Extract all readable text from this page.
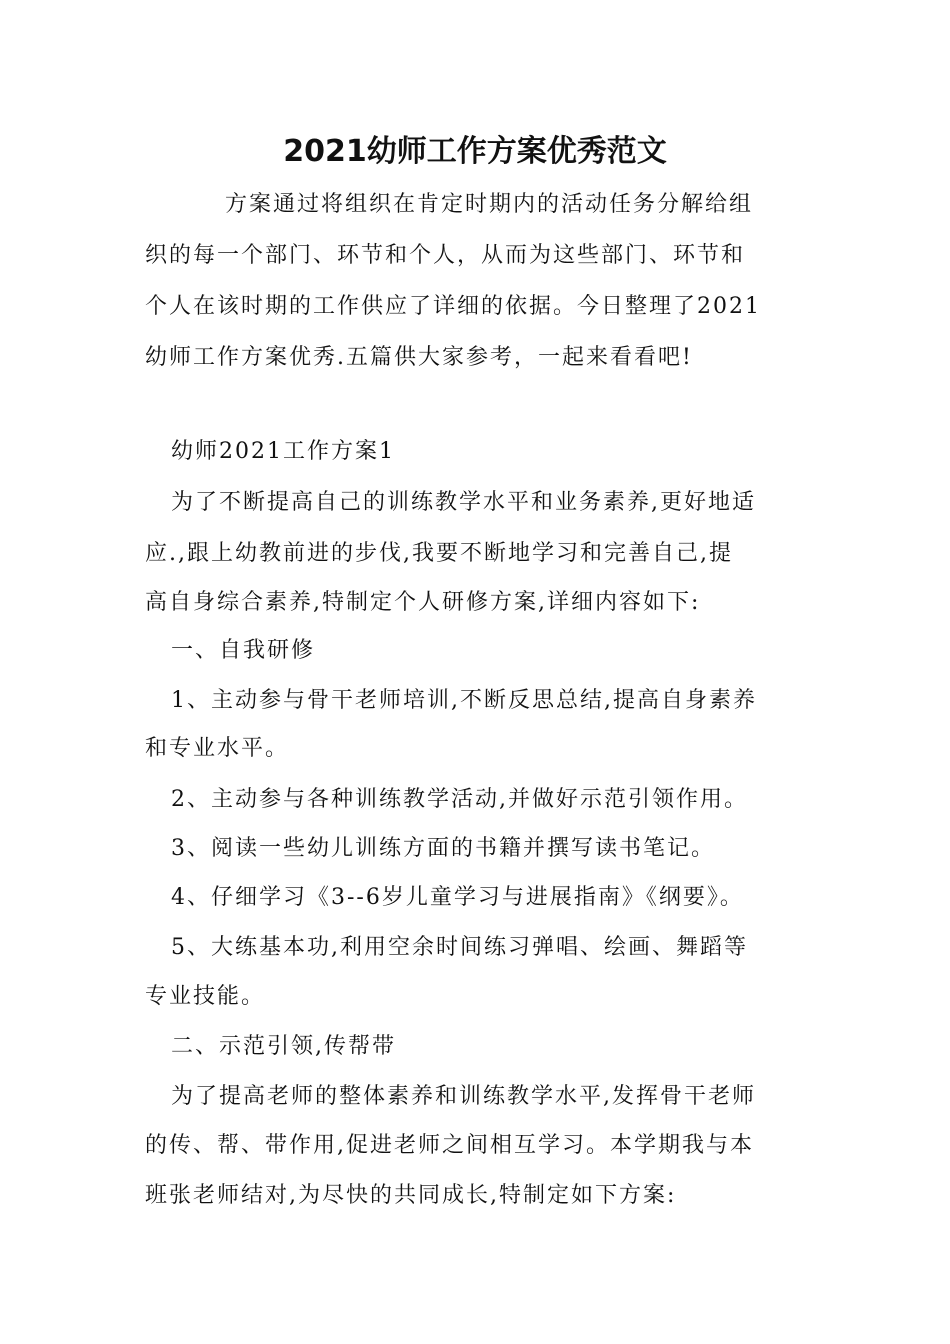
2021幼师工作方案优秀范文
方案通过将组织在肯定时期内的活动任务分解给组
织的每一个部门、环节和个人，从而为这些部门、环节和
个人在该时期的工作供应了详细的依据。今日整理了2021
幼师工作方案优秀.五篇供大家参考，一起来看看吧!
幼师2021工作方案1
为了不断提高自己的训练教学水平和业务素养,更好地适
应.,跟上幼教前进的步伐,我要不断地学习和完善自己,提
高自身综合素养,特制定个人研修方案,详细内容如下:
一、自我研修
1、主动参与骨干老师培训,不断反思总结,提高自身素养
和专业水平。
2、主动参与各种训练教学活动,并做好示范引领作用。
3、阅读一些幼儿训练方面的书籍并撰写读书笔记。
4、仔细学习《3--6岁儿童学习与进展指南》《纲要》。
5、大练基本功,利用空余时间练习弹唱、绘画、舞蹈等
专业技能。
二、示范引领,传帮带
为了提高老师的整体素养和训练教学水平,发挥骨干老师
的传、帮、带作用,促进老师之间相互学习。本学期我与本
班张老师结对,为尽快的共同成长,特制定如下方案:
